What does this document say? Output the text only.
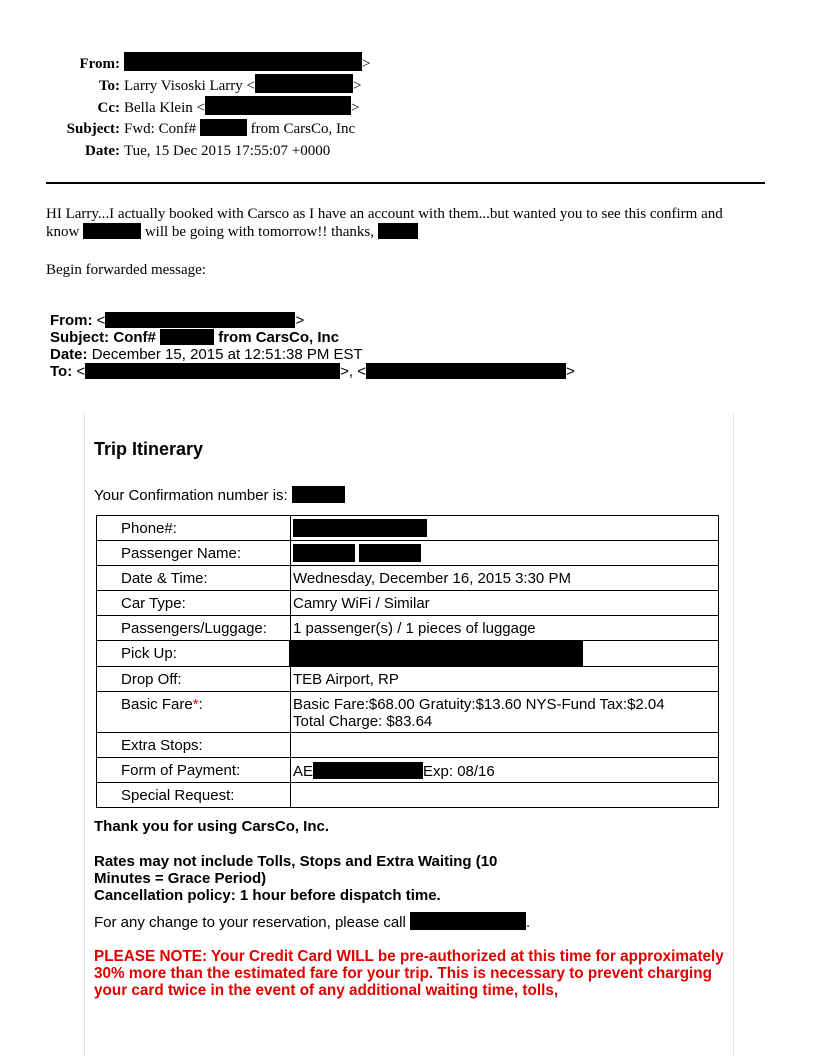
From:	>
To: Larry Visoski Larry <	>
Cc: Bella Klein <	>
Subject: Fwd: Conf#	from CarsCo, Inc
Date: Tue, 15 Dec 2015 17:55:07 +0000
HI Larry...I actually booked with Carsco as I have an account with them...but wanted you to see this confirm and
know	will be going with tomorrow!! thanks,
Begin forwarded message:
From: <	>
Subject: Conf#	from CarsCo, Inc
Date: December 15, 2015 at 12:51:38 PM EST
To: <	>, <	>
Trip Itinerary
Your Confirmation number is:
Phone#:	

Passenger Name:	

Date & Time:	Wednesday, December 16, 2015 3:30 PM

Car Type:	Camry WiFi / Similar

Passengers/Luggage:	1 passenger(s) / 1 pieces of luggage

Pick Up:	

Drop Off:	TEB Airport, RP

Basic Fare*:	Basic Fare:$68.00 Gratuity:$13.60 NYS-Fund Tax:$2.04
Total Charge: $83.64

Extra Stops:	

Form of Payment:	AE Exp: 08/16

Special Request:	

Thank you for using CarsCo, Inc.
Rates may not include Tolls, Stops and Extra Waiting (10 Minutes = Grace Period)
Cancellation policy: 1 hour before dispatch time.
For any change to your reservation, please call	.
PLEASE NOTE: Your Credit Card WILL be pre-authorized at this time for approximately 30% more than the estimated fare for your trip. This is necessary to prevent charging your card twice in the event of any additional waiting time, tolls,
